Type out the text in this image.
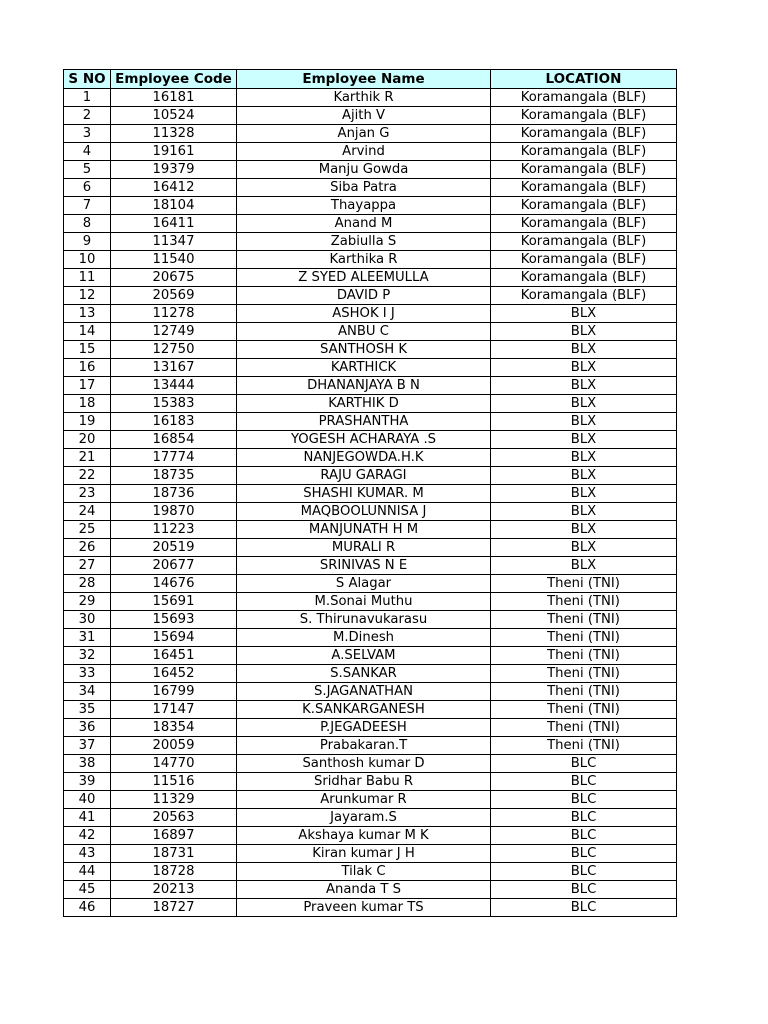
S NO	Employee Code	Employee Name	LOCATION
1	16181	Karthik R	Koramangala (BLF)
2	10524	Ajith V	Koramangala (BLF)
3	11328	Anjan G	Koramangala (BLF)
4	19161	Arvind	Koramangala (BLF)
5	19379	Manju Gowda	Koramangala (BLF)
6	16412	Siba Patra	Koramangala (BLF)
7	18104	Thayappa	Koramangala (BLF)
8	16411	Anand M	Koramangala (BLF)
9	11347	Zabiulla S	Koramangala (BLF)
10	11540	Karthika R	Koramangala (BLF)
11	20675	Z SYED ALEEMULLA	Koramangala (BLF)
12	20569	DAVID P	Koramangala (BLF)
13	11278	ASHOK I J	BLX
14	12749	ANBU C	BLX
15	12750	SANTHOSH K	BLX
16	13167	KARTHICK	BLX
17	13444	DHANANJAYA B N	BLX
18	15383	KARTHIK D	BLX
19	16183	PRASHANTHA	BLX
20	16854	YOGESH ACHARAYA .S	BLX
21	17774	NANJEGOWDA.H.K	BLX
22	18735	RAJU GARAGI	BLX
23	18736	SHASHI KUMAR. M	BLX
24	19870	MAQBOOLUNNISA J	BLX
25	11223	MANJUNATH H M	BLX
26	20519	MURALI R	BLX
27	20677	SRINIVAS N E	BLX
28	14676	S Alagar	Theni (TNI)
29	15691	M.Sonai Muthu	Theni (TNI)
30	15693	S. Thirunavukarasu	Theni (TNI)
31	15694	M.Dinesh	Theni (TNI)
32	16451	A.SELVAM	Theni (TNI)
33	16452	S.SANKAR	Theni (TNI)
34	16799	S.JAGANATHAN	Theni (TNI)
35	17147	K.SANKARGANESH	Theni (TNI)
36	18354	P.JEGADEESH	Theni (TNI)
37	20059	Prabakaran.T	Theni (TNI)
38	14770	Santhosh kumar D	BLC
39	11516	Sridhar Babu R	BLC
40	11329	Arunkumar R	BLC
41	20563	Jayaram.S	BLC
42	16897	Akshaya kumar M K	BLC
43	18731	Kiran kumar J H	BLC
44	18728	Tilak C	BLC
45	20213	Ananda T S	BLC
46	18727	Praveen kumar TS	BLC
